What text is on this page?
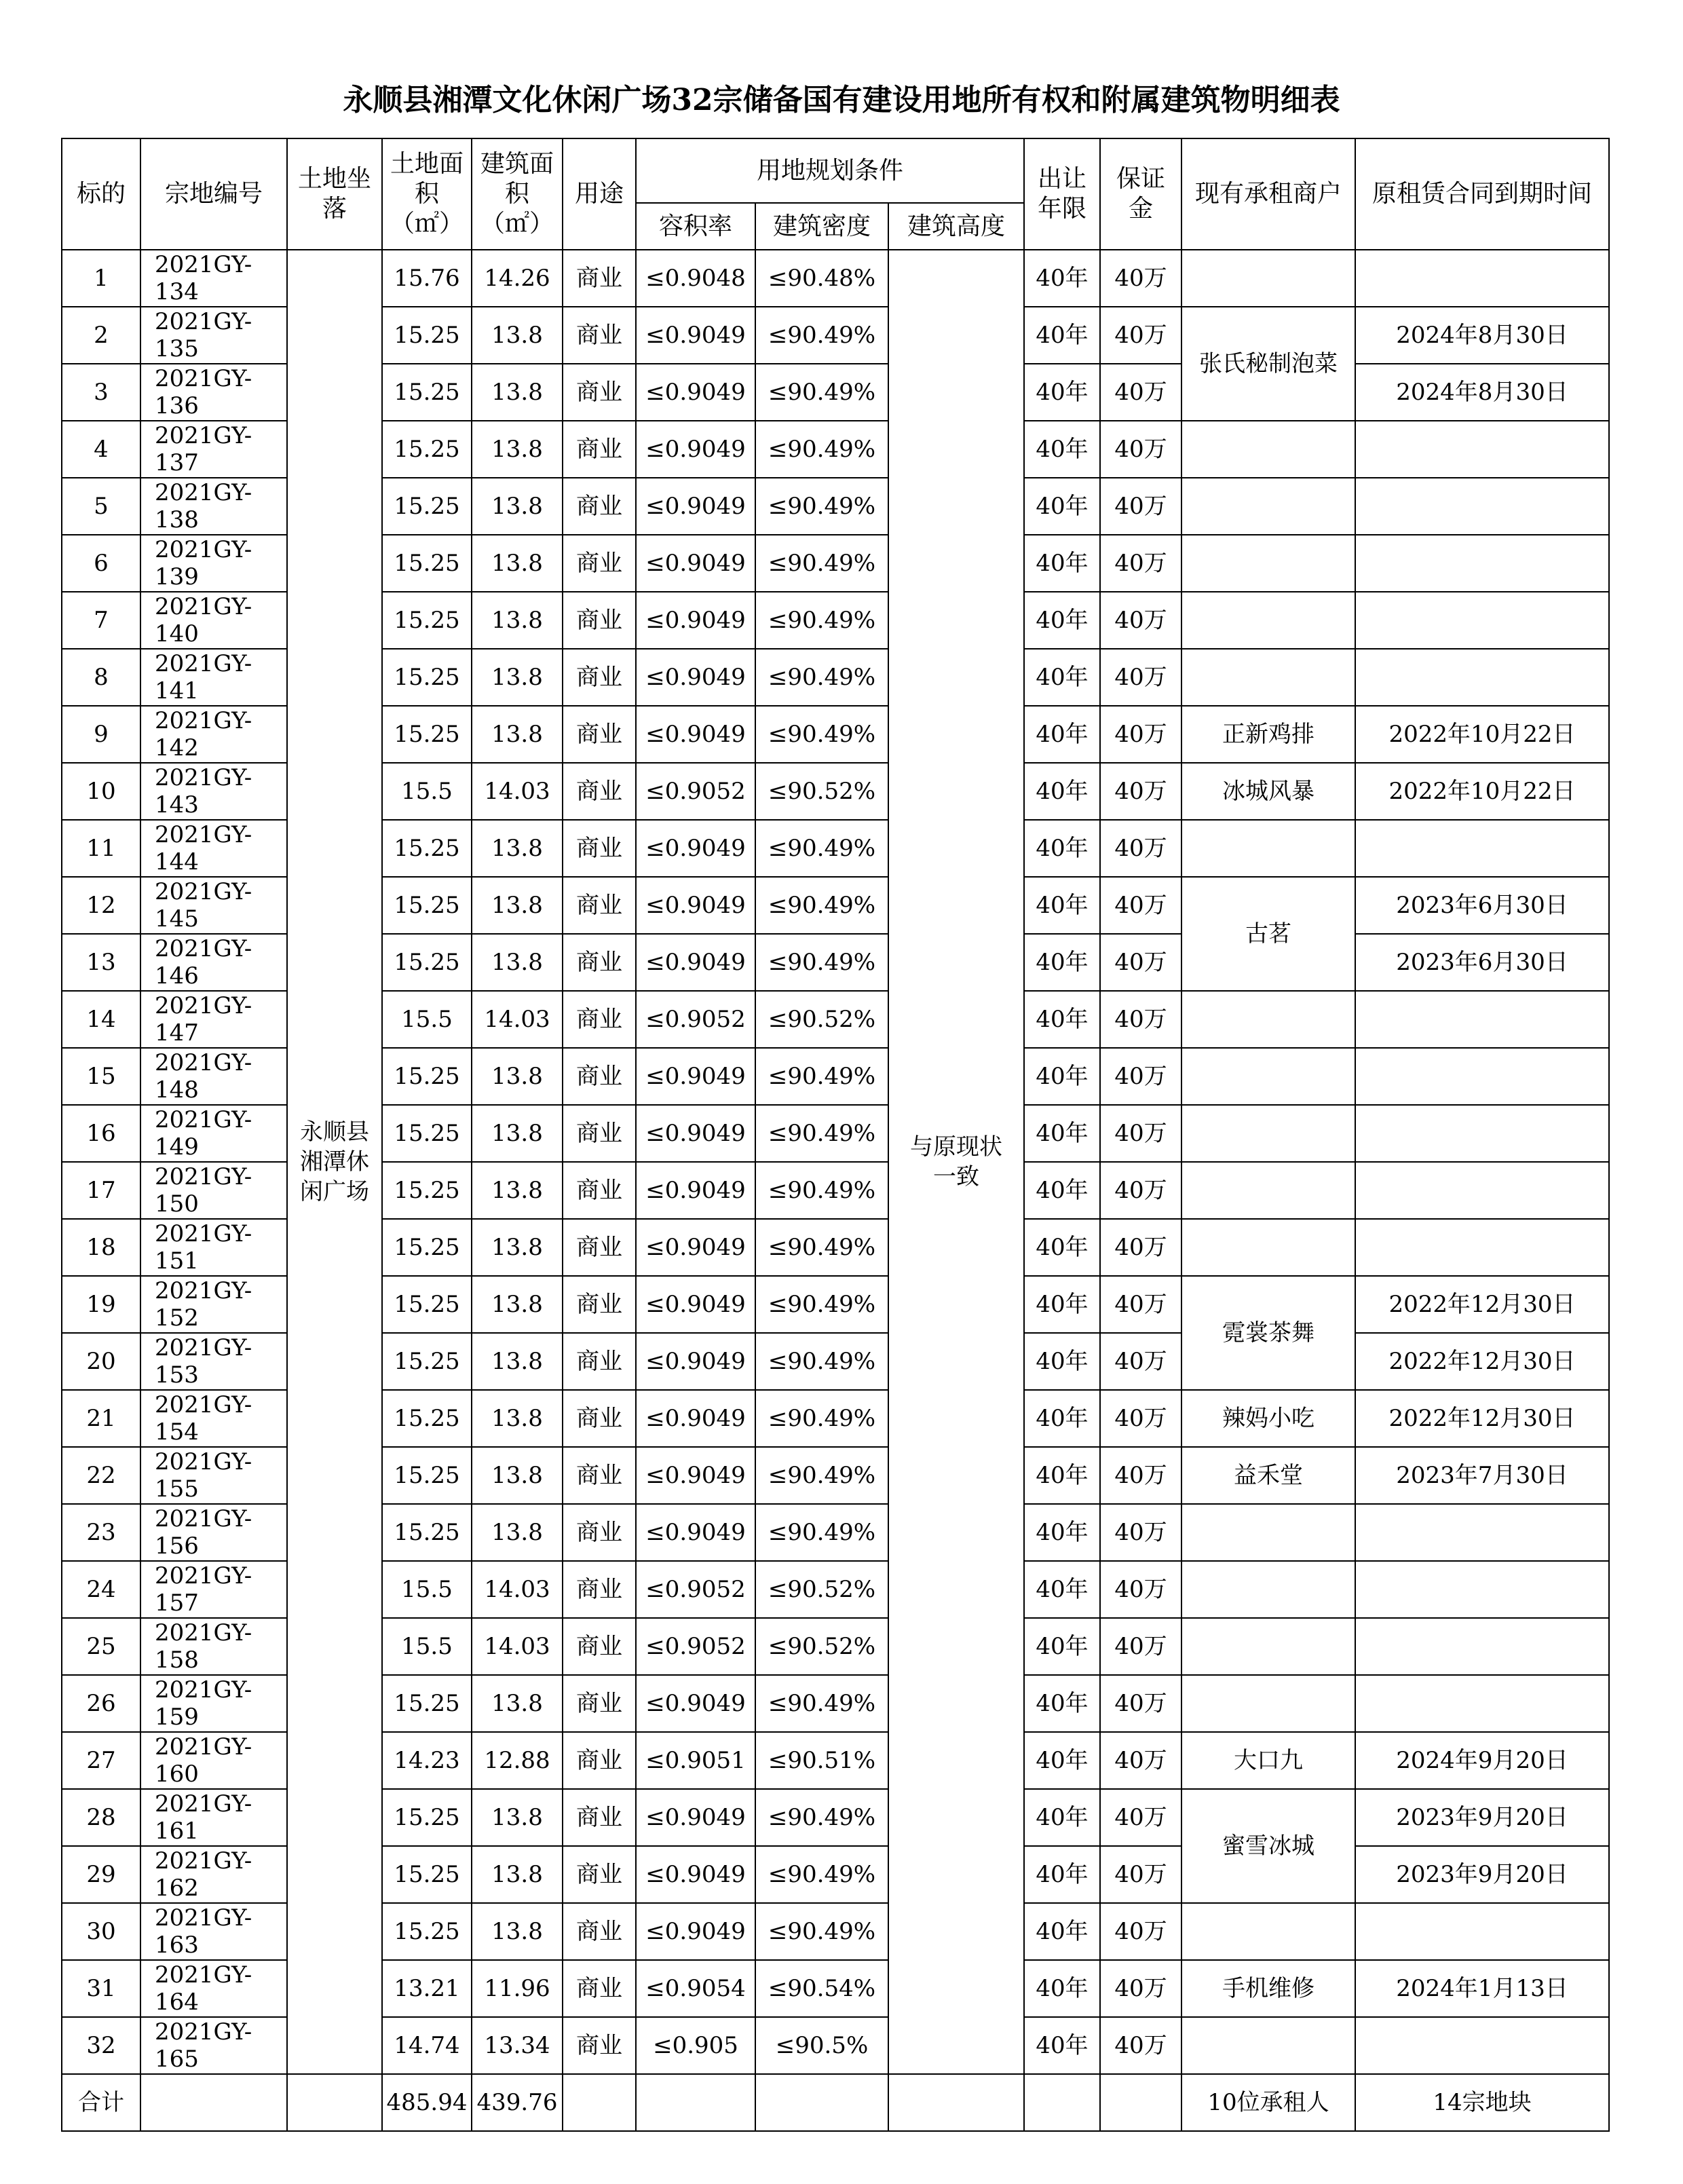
永顺县湘潭文化休闲广场32宗储备国有建设用地所有权和附属建筑物明细表
标的	宗地编号	土地坐落	土地面积（㎡）	建筑面积（㎡）	用途	用地规划条件			出让年限	保证金	现有承租商户	原租赁合同到期时间
						容积率	建筑密度	建筑高度				
1	2021GY-134	永顺县湘潭休闲广场	15.76	14.26	商业	≤0.9048	≤90.48%	与原现状一致	40年	40万		
2	2021GY-135		15.25	13.8	商业	≤0.9049	≤90.49%		40年	40万	张氏秘制泡菜	2024年8月30日
3	2021GY-136		15.25	13.8	商业	≤0.9049	≤90.49%		40年	40万		2024年8月30日
4	2021GY-137		15.25	13.8	商业	≤0.9049	≤90.49%		40年	40万		
5	2021GY-138		15.25	13.8	商业	≤0.9049	≤90.49%		40年	40万		
6	2021GY-139		15.25	13.8	商业	≤0.9049	≤90.49%		40年	40万		
7	2021GY-140		15.25	13.8	商业	≤0.9049	≤90.49%		40年	40万		
8	2021GY-141		15.25	13.8	商业	≤0.9049	≤90.49%		40年	40万		
9	2021GY-142		15.25	13.8	商业	≤0.9049	≤90.49%		40年	40万	正新鸡排	2022年10月22日
10	2021GY-143		15.5	14.03	商业	≤0.9052	≤90.52%		40年	40万	冰城风暴	2022年10月22日
11	2021GY-144		15.25	13.8	商业	≤0.9049	≤90.49%		40年	40万		
12	2021GY-145		15.25	13.8	商业	≤0.9049	≤90.49%		40年	40万	古茗	2023年6月30日
13	2021GY-146		15.25	13.8	商业	≤0.9049	≤90.49%		40年	40万		2023年6月30日
14	2021GY-147		15.5	14.03	商业	≤0.9052	≤90.52%		40年	40万		
15	2021GY-148		15.25	13.8	商业	≤0.9049	≤90.49%		40年	40万		
16	2021GY-149		15.25	13.8	商业	≤0.9049	≤90.49%		40年	40万		
17	2021GY-150		15.25	13.8	商业	≤0.9049	≤90.49%		40年	40万		
18	2021GY-151		15.25	13.8	商业	≤0.9049	≤90.49%		40年	40万		
19	2021GY-152		15.25	13.8	商业	≤0.9049	≤90.49%		40年	40万	霓裳茶舞	2022年12月30日
20	2021GY-153		15.25	13.8	商业	≤0.9049	≤90.49%		40年	40万		2022年12月30日
21	2021GY-154		15.25	13.8	商业	≤0.9049	≤90.49%		40年	40万	辣妈小吃	2022年12月30日
22	2021GY-155		15.25	13.8	商业	≤0.9049	≤90.49%		40年	40万	益禾堂	2023年7月30日
23	2021GY-156		15.25	13.8	商业	≤0.9049	≤90.49%		40年	40万		
24	2021GY-157		15.5	14.03	商业	≤0.9052	≤90.52%		40年	40万		
25	2021GY-158		15.5	14.03	商业	≤0.9052	≤90.52%		40年	40万		
26	2021GY-159		15.25	13.8	商业	≤0.9049	≤90.49%		40年	40万		
27	2021GY-160		14.23	12.88	商业	≤0.9051	≤90.51%		40年	40万	大口九	2024年9月20日
28	2021GY-161		15.25	13.8	商业	≤0.9049	≤90.49%		40年	40万	蜜雪冰城	2023年9月20日
29	2021GY-162		15.25	13.8	商业	≤0.9049	≤90.49%		40年	40万		2023年9月20日
30	2021GY-163		15.25	13.8	商业	≤0.9049	≤90.49%		40年	40万		
31	2021GY-164		13.21	11.96	商业	≤0.9054	≤90.54%		40年	40万	手机维修	2024年1月13日
32	2021GY-165		14.74	13.34	商业	≤0.905	≤90.5%		40年	40万		
合计			485.94	439.76							10位承租人	14宗地块
